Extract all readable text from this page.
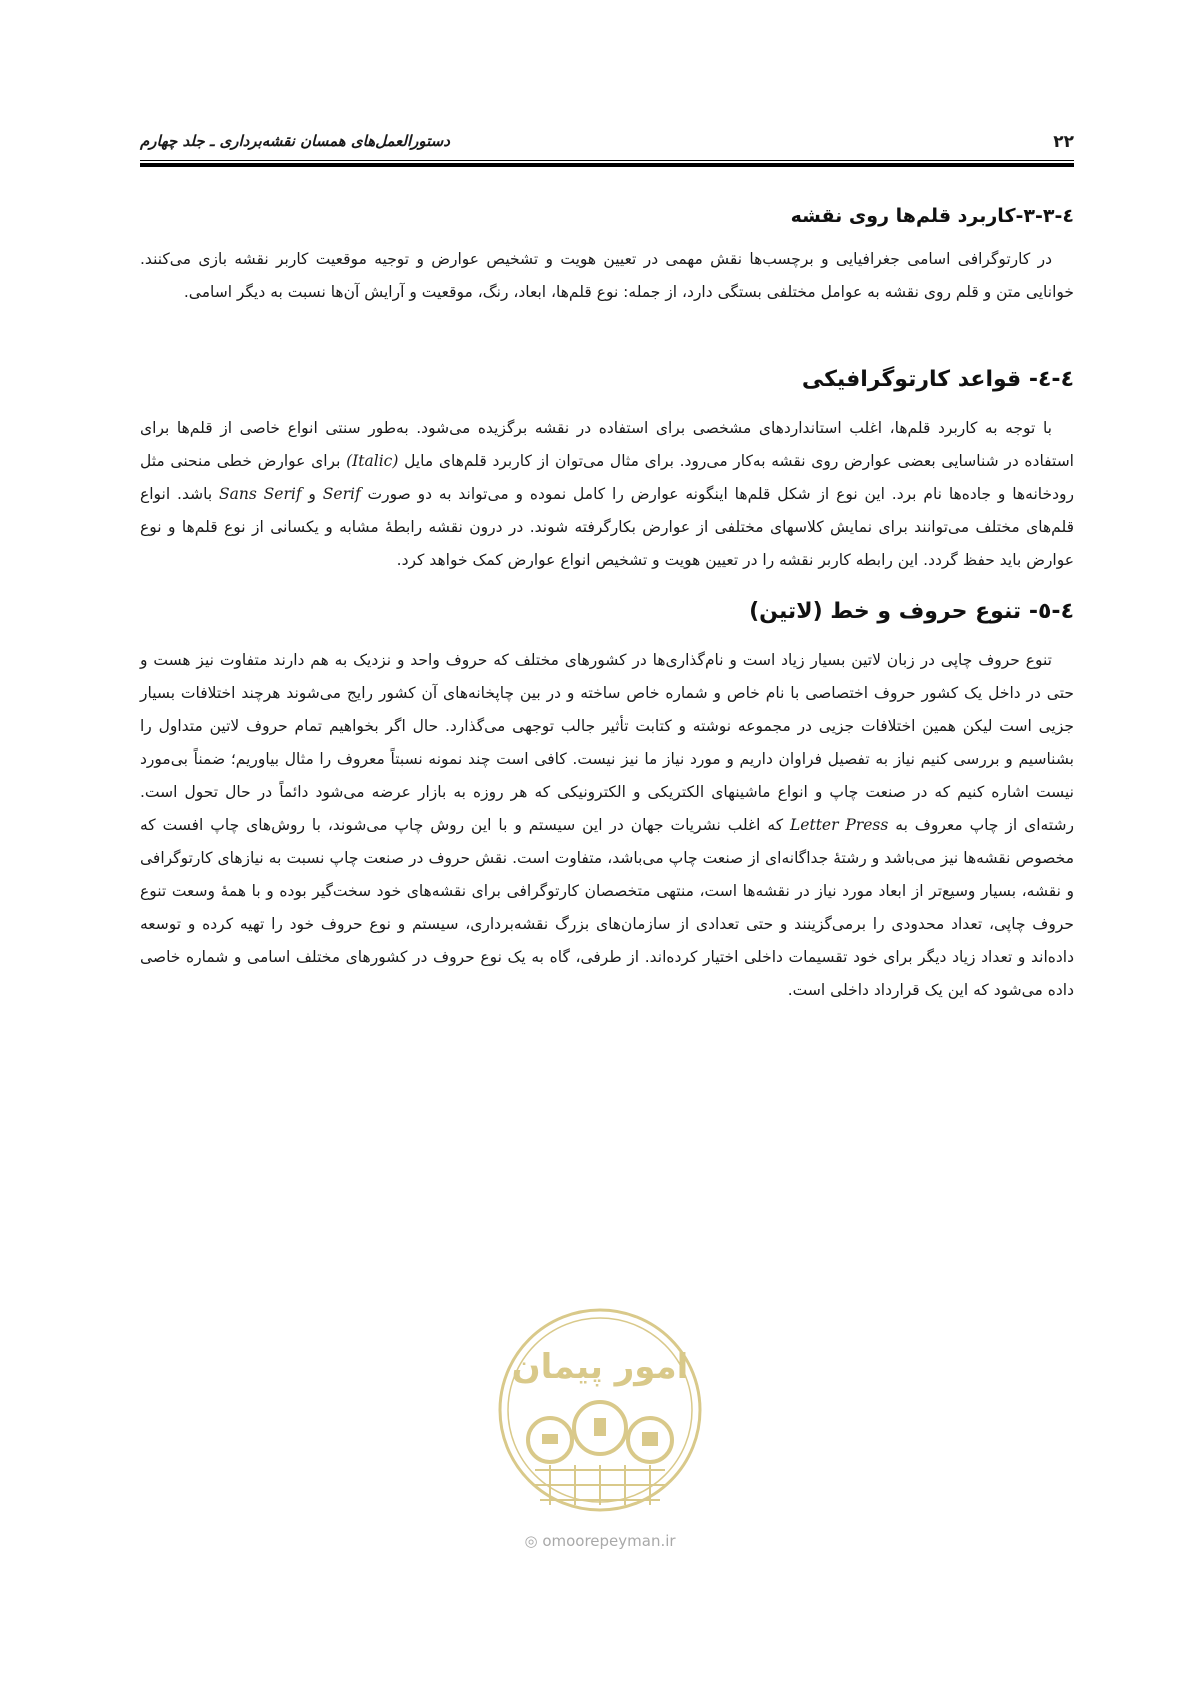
۲۲
دستورالعمل‌های همسان نقشه‌برداری ـ جلد چهارم
٤-٣-٣-کاربرد قلم‌ها روی نقشه

در کارتوگرافی اسامی جغرافیایی و برچسب‌ها نقش مهمی در تعیین هویت و تشخیص عوارض و توجیه موقعیت کاربر نقشه بازی می‌کنند. خوانایی متن و قلم روی نقشه به عوامل مختلفی بستگی دارد، از جمله: نوع قلم‌ها، ابعاد، رنگ، موقعیت و آرایش آن‌ها نسبت به دیگر اسامی.

٤-٤- قواعد کارتوگرافیکی

با توجه به کاربرد قلم‌ها، اغلب استانداردهای مشخصی برای استفاده در نقشه برگزیده می‌شود. به‌طور سنتی انواع خاصی از قلم‌ها برای استفاده در شناسایی بعضی عوارض روی نقشه به‌کار می‌رود. برای مثال می‌توان از کاربرد قلم‌های مایل (Italic) برای عوارض خطی منحنی مثل رودخانه‌ها و جاده‌ها نام برد. این نوع از شکل قلم‌ها اینگونه عوارض را کامل نموده و می‌تواند به دو صورت Serif و Sans Serif باشد. انواع قلم‌های مختلف می‌توانند برای نمایش کلاسهای مختلفی از عوارض بکارگرفته شوند. در درون نقشه رابطهٔ مشابه و یکسانی از نوع قلم‌ها و نوع عوارض باید حفظ گردد. این رابطه کاربر نقشه را در تعیین هویت و تشخیص انواع عوارض کمک خواهد کرد.

٤-٥- تنوع حروف و خط (لاتین)

تنوع حروف چاپی در زبان لاتین بسیار زیاد است و نام‌گذاری‌ها در کشورهای مختلف که حروف واحد و نزدیک به هم دارند متفاوت نیز هست و حتی در داخل یک کشور حروف اختصاصی با نام خاص و شماره خاص ساخته و در بین چاپخانه‌های آن کشور رایج می‌شوند هرچند اختلافات بسیار جزیی است لیکن همین اختلافات جزیی در مجموعه نوشته و کتابت تأثیر جالب توجهی می‌گذارد. حال اگر بخواهیم تمام حروف لاتین متداول را بشناسیم و بررسی کنیم نیاز به تفصیل فراوان داریم و مورد نیاز ما نیز نیست. کافی است چند نمونه نسبتاً معروف را مثال بیاوریم؛ ضمناً بی‌مورد نیست اشاره کنیم که در صنعت چاپ و انواع ماشینهای الکتریکی و الکترونیکی که هر روزه به بازار عرضه می‌شود دائماً در حال تحول است. رشته‌ای از چاپ معروف به Letter Press که اغلب نشریات جهان در این سیستم و با این روش چاپ می‌شوند، با روش‌های چاپ افست که مخصوص نقشه‌ها نیز می‌باشد و رشتهٔ جداگانه‌ای از صنعت چاپ می‌باشد، متفاوت است. نقش حروف در صنعت چاپ نسبت به نیازهای کارتوگرافی و نقشه، بسیار وسیع‌تر از ابعاد مورد نیاز در نقشه‌ها است، منتهی متخصصان کارتوگرافی برای نقشه‌های خود سخت‌گیر بوده و با همهٔ وسعت تنوع حروف چاپی، تعداد محدودی را برمی‌گزینند و حتی تعدادی از سازمان‌های بزرگ نقشه‌برداری، سیستم و نوع حروف خود را تهیه کرده و توسعه داده‌اند و تعداد زیاد دیگر برای خود تقسیمات داخلی اختیار کرده‌اند. از طرفی، گاه به یک نوع حروف در کشورهای مختلف اسامی و شماره خاصی داده می‌شود که این یک قرارداد داخلی است.

امور پیمان
◎ omoorepeyman.ir
